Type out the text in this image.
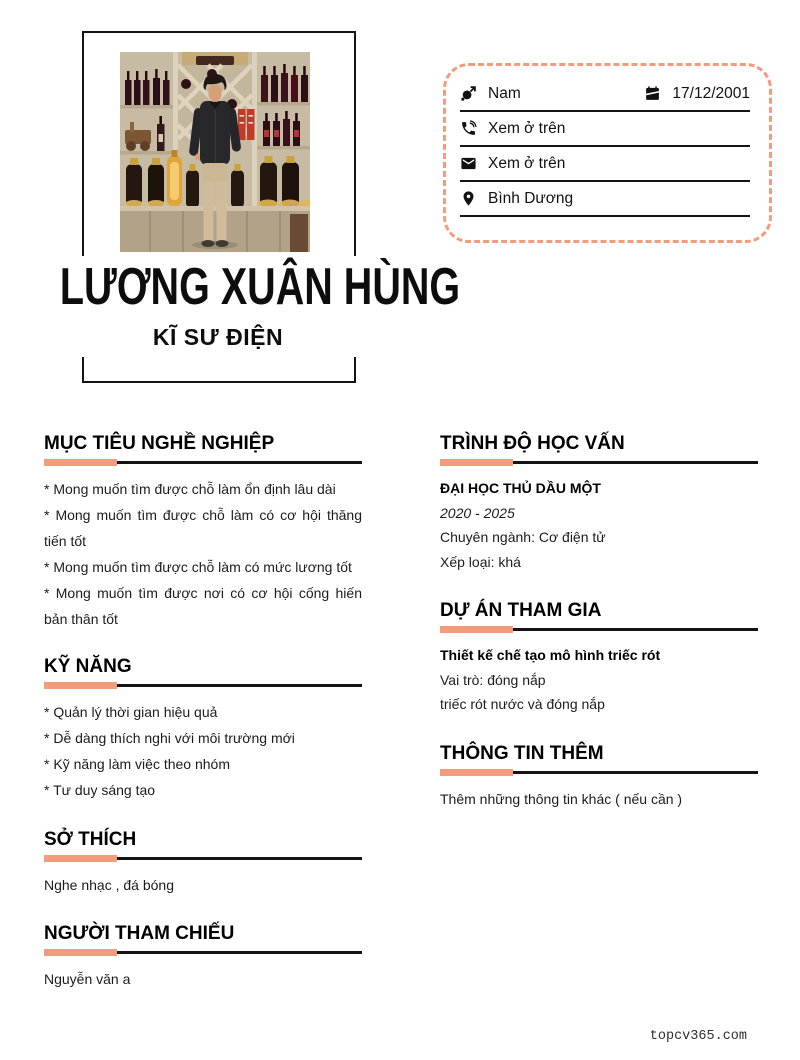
LƯƠNG XUÂN HÙNG
KĨ SƯ ĐIỆN
Nam	17/12/2001
Xem ở trên
Xem ở trên
Bình Dương
MỤC TIÊU NGHỀ NGHIỆP
* Mong muốn tìm được chỗ làm ổn định lâu dài
* Mong muốn tìm được chỗ làm có cơ hội thăng tiến tốt
* Mong muốn tìm được chỗ làm có mức lương tốt
* Mong muốn tìm được nơi có cơ hội cống hiến bản thân tốt
KỸ NĂNG
* Quản lý thời gian hiệu quả
* Dễ dàng thích nghi với môi trường mới
* Kỹ năng làm việc theo nhóm
* Tư duy sáng tạo
SỞ THÍCH
Nghe nhạc , đá bóng
NGƯỜI THAM CHIẾU
Nguyễn văn a
TRÌNH ĐỘ HỌC VẤN
ĐẠI HỌC THỦ DẦU MỘT
2020 - 2025
Chuyên ngành: Cơ điện tử
Xếp loại: khá
DỰ ÁN THAM GIA
Thiết kế chế tạo mô hình triếc rót
Vai trò: đóng nắp
triếc rót nước và đóng nắp
THÔNG TIN THÊM
Thêm những thông tin khác ( nếu cần )
topcv365.com
